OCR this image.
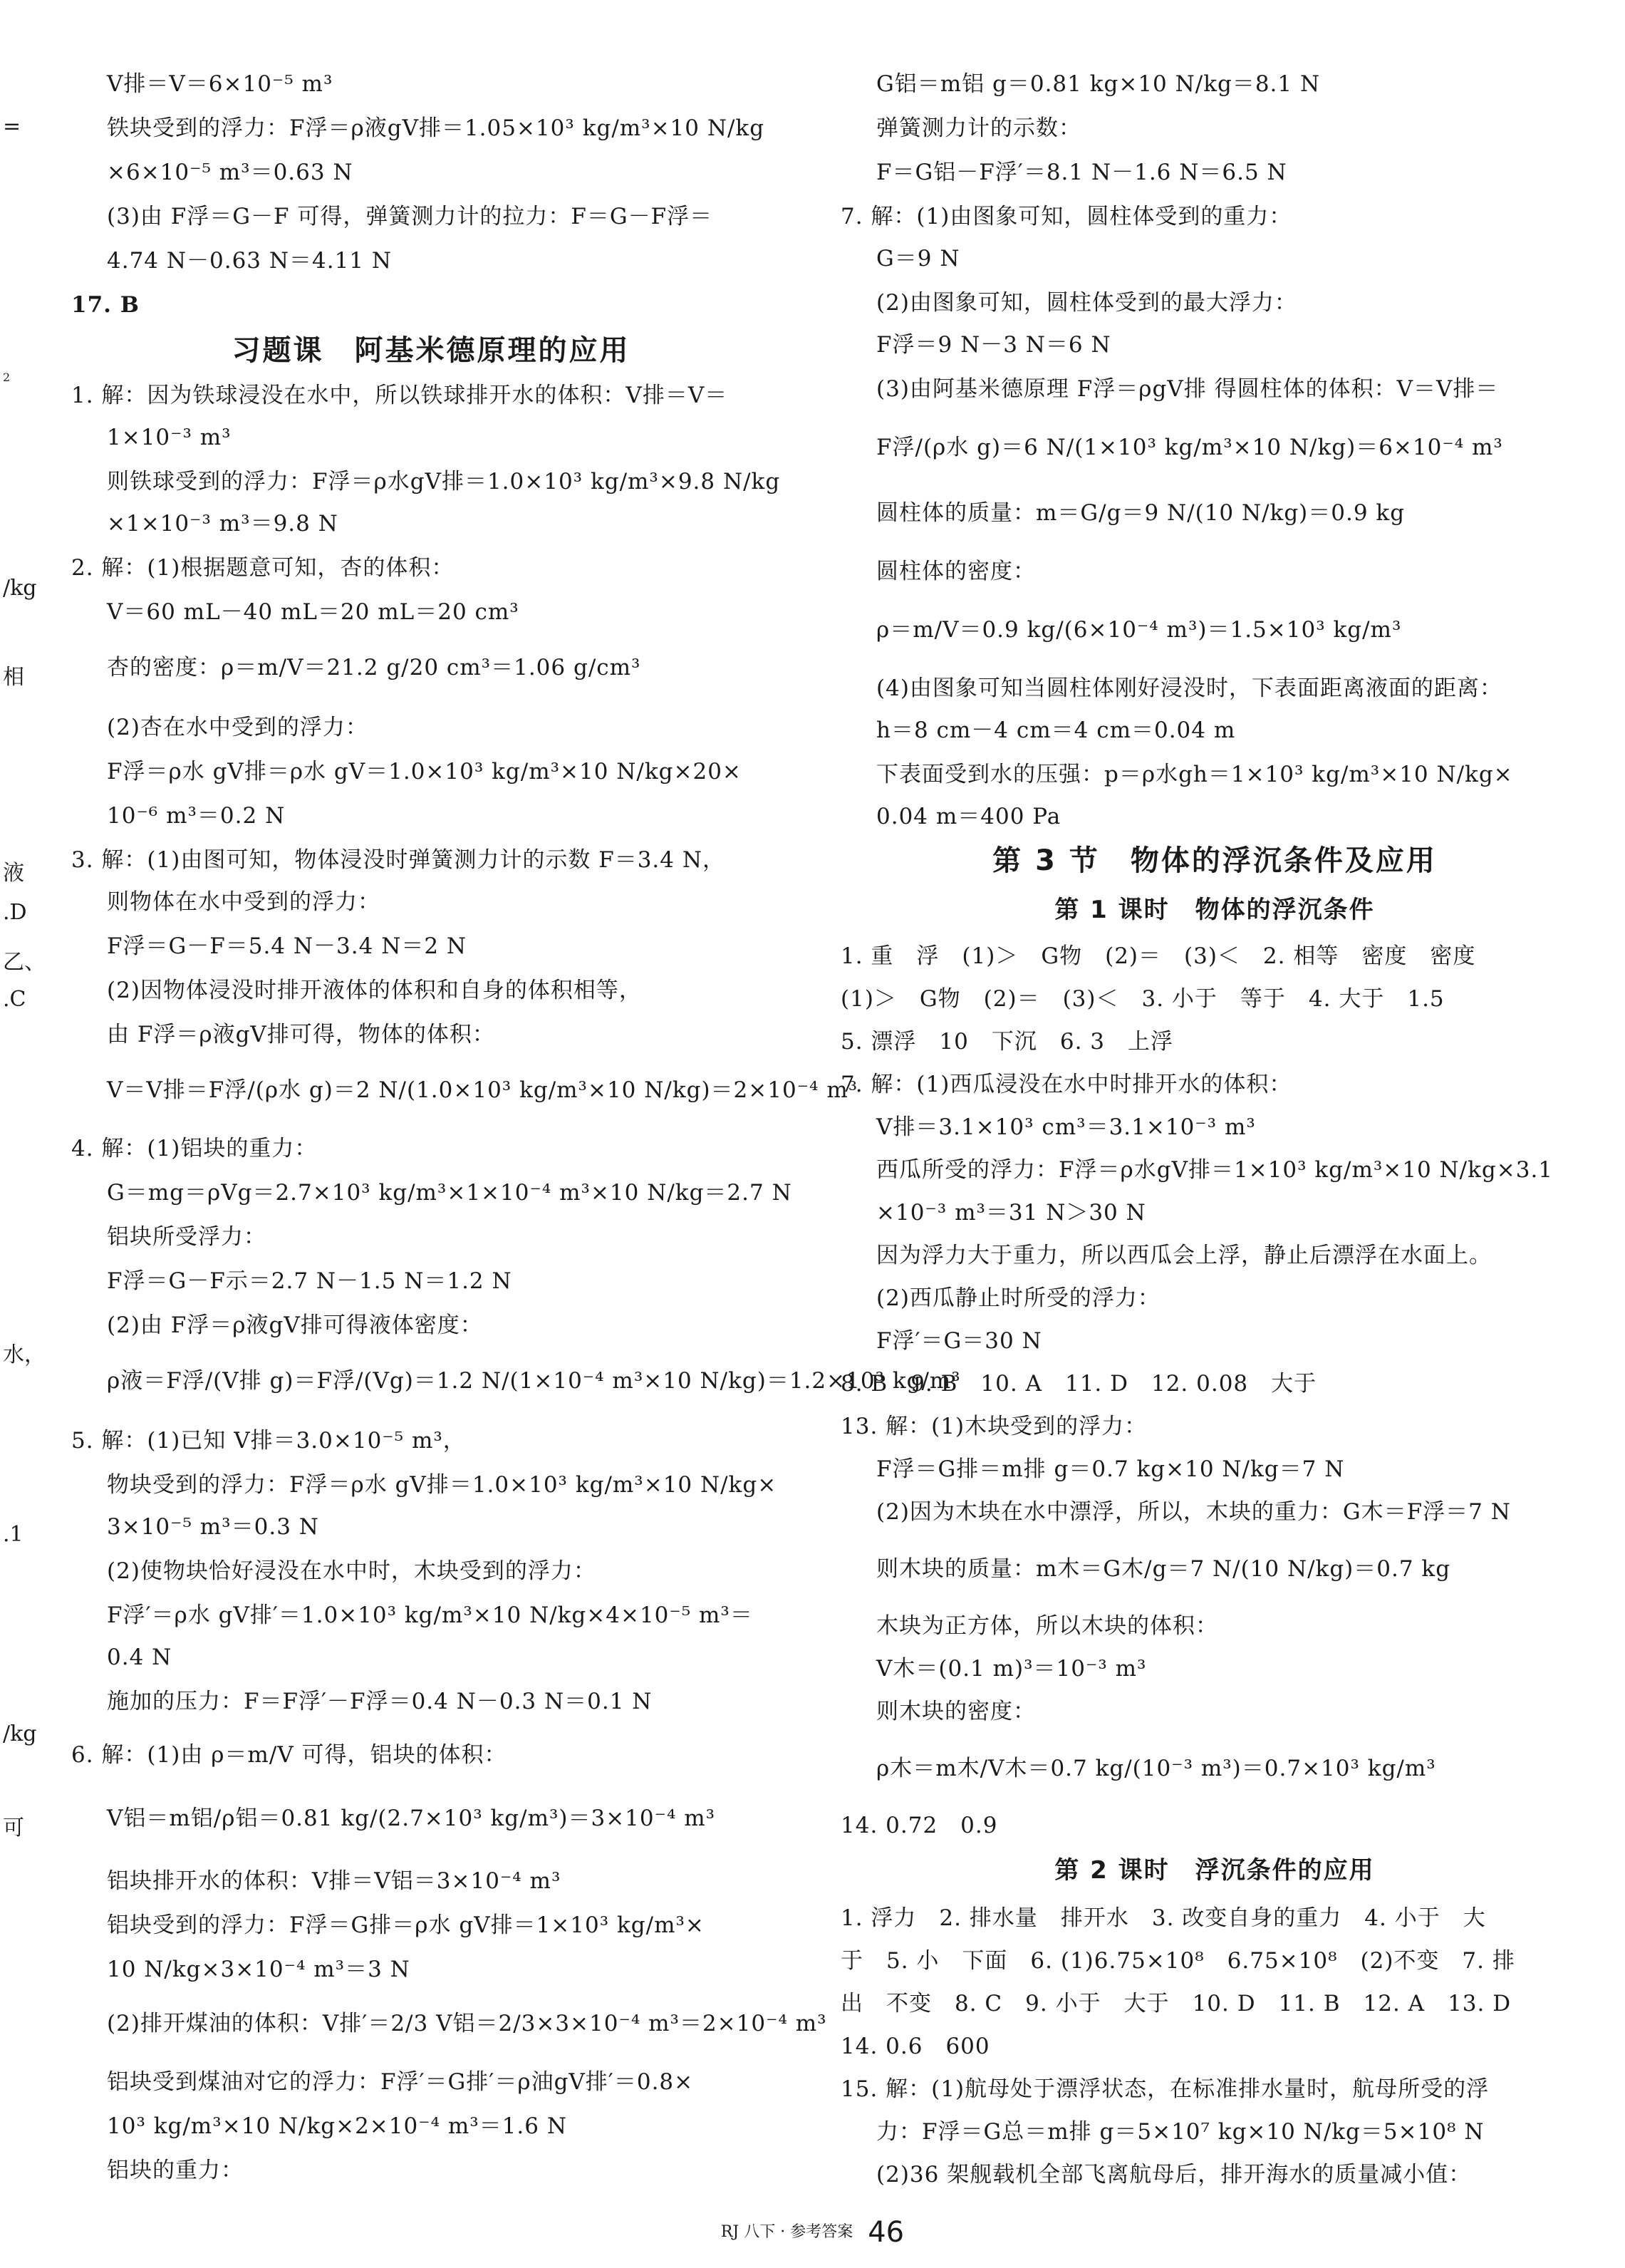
=
2
/kg
相
液
.D
乙、
.C
水，
.1
/kg
可
V排＝V＝6×10⁻⁵ m³
铁块受到的浮力：F浮＝ρ液gV排＝1.05×10³ kg/m³×10 N/kg
×6×10⁻⁵ m³＝0.63 N
(3)由 F浮＝G－F 可得，弹簧测力计的拉力：F＝G－F浮＝
4.74 N－0.63 N＝4.11 N
17. B
习题课　阿基米德原理的应用
1. 解：因为铁球浸没在水中，所以铁球排开水的体积：V排＝V＝
1×10⁻³ m³
则铁球受到的浮力：F浮＝ρ水gV排＝1.0×10³ kg/m³×9.8 N/kg
×1×10⁻³ m³＝9.8 N
2. 解：(1)根据题意可知，杏的体积：
V＝60 mL－40 mL＝20 mL＝20 cm³
杏的密度：ρ＝m/V＝21.2 g/20 cm³＝1.06 g/cm³
(2)杏在水中受到的浮力：
F浮＝ρ水 gV排＝ρ水 gV＝1.0×10³ kg/m³×10 N/kg×20×
10⁻⁶ m³＝0.2 N
3. 解：(1)由图可知，物体浸没时弹簧测力计的示数 F＝3.4 N，
则物体在水中受到的浮力：
F浮＝G－F＝5.4 N－3.4 N＝2 N
(2)因物体浸没时排开液体的体积和自身的体积相等，
由 F浮＝ρ液gV排可得，物体的体积：
V＝V排＝F浮/(ρ水 g)＝2 N/(1.0×10³ kg/m³×10 N/kg)＝2×10⁻⁴ m³
4. 解：(1)铝块的重力：
G＝mg＝ρVg＝2.7×10³ kg/m³×1×10⁻⁴ m³×10 N/kg＝2.7 N
铝块所受浮力：
F浮＝G－F示＝2.7 N－1.5 N＝1.2 N
(2)由 F浮＝ρ液gV排可得液体密度：
ρ液＝F浮/(V排 g)＝F浮/(Vg)＝1.2 N/(1×10⁻⁴ m³×10 N/kg)＝1.2×10³ kg/m³
5. 解：(1)已知 V排＝3.0×10⁻⁵ m³，
物块受到的浮力：F浮＝ρ水 gV排＝1.0×10³ kg/m³×10 N/kg×
3×10⁻⁵ m³＝0.3 N
(2)使物块恰好浸没在水中时，木块受到的浮力：
F浮′＝ρ水 gV排′＝1.0×10³ kg/m³×10 N/kg×4×10⁻⁵ m³＝
0.4 N
施加的压力：F＝F浮′－F浮＝0.4 N－0.3 N＝0.1 N
6. 解：(1)由 ρ＝m/V 可得，铝块的体积：
V铝＝m铝/ρ铝＝0.81 kg/(2.7×10³ kg/m³)＝3×10⁻⁴ m³
铝块排开水的体积：V排＝V铝＝3×10⁻⁴ m³
铝块受到的浮力：F浮＝G排＝ρ水 gV排＝1×10³ kg/m³×
10 N/kg×3×10⁻⁴ m³＝3 N
(2)排开煤油的体积：V排′＝2/3 V铝＝2/3×3×10⁻⁴ m³＝2×10⁻⁴ m³
铝块受到煤油对它的浮力：F浮′＝G排′＝ρ油gV排′＝0.8×
10³ kg/m³×10 N/kg×2×10⁻⁴ m³＝1.6 N
铝块的重力：
G铝＝m铝 g＝0.81 kg×10 N/kg＝8.1 N
弹簧测力计的示数：
F＝G铝－F浮′＝8.1 N－1.6 N＝6.5 N
7. 解：(1)由图象可知，圆柱体受到的重力：
G＝9 N
(2)由图象可知，圆柱体受到的最大浮力：
F浮＝9 N－3 N＝6 N
(3)由阿基米德原理 F浮＝ρgV排 得圆柱体的体积：V＝V排＝
F浮/(ρ水 g)＝6 N/(1×10³ kg/m³×10 N/kg)＝6×10⁻⁴ m³
圆柱体的质量：m＝G/g＝9 N/(10 N/kg)＝0.9 kg
圆柱体的密度：
ρ＝m/V＝0.9 kg/(6×10⁻⁴ m³)＝1.5×10³ kg/m³
(4)由图象可知当圆柱体刚好浸没时，下表面距离液面的距离：
h＝8 cm－4 cm＝4 cm＝0.04 m
下表面受到水的压强：p＝ρ水gh＝1×10³ kg/m³×10 N/kg×
0.04 m＝400 Pa
第 3 节　物体的浮沉条件及应用
第 1 课时　物体的浮沉条件
1. 重　浮　(1)＞　G物　(2)＝　(3)＜　2. 相等　密度　密度
(1)＞　G物　(2)＝　(3)＜　3. 小于　等于　4. 大于　1.5
5. 漂浮　10　下沉　6. 3　上浮
7. 解：(1)西瓜浸没在水中时排开水的体积：
V排＝3.1×10³ cm³＝3.1×10⁻³ m³
西瓜所受的浮力：F浮＝ρ水gV排＝1×10³ kg/m³×10 N/kg×3.1
×10⁻³ m³＝31 N＞30 N
因为浮力大于重力，所以西瓜会上浮，静止后漂浮在水面上。
(2)西瓜静止时所受的浮力：
F浮′＝G＝30 N
8. B　9. B　10. A　11. D　12. 0.08　大于
13. 解：(1)木块受到的浮力：
F浮＝G排＝m排 g＝0.7 kg×10 N/kg＝7 N
(2)因为木块在水中漂浮，所以，木块的重力：G木＝F浮＝7 N
则木块的质量：m木＝G木/g＝7 N/(10 N/kg)＝0.7 kg
木块为正方体，所以木块的体积：
V木＝(0.1 m)³＝10⁻³ m³
则木块的密度：
ρ木＝m木/V木＝0.7 kg/(10⁻³ m³)＝0.7×10³ kg/m³
14. 0.72　0.9
第 2 课时　浮沉条件的应用
1. 浮力　2. 排水量　排开水　3. 改变自身的重力　4. 小于　大
于　5. 小　下面　6. (1)6.75×10⁸　6.75×10⁸　(2)不变　7. 排
出　不变　8. C　9. 小于　大于　10. D　11. B　12. A　13. D
14. 0.6　600
15. 解：(1)航母处于漂浮状态，在标准排水量时，航母所受的浮
力：F浮＝G总＝m排 g＝5×10⁷ kg×10 N/kg＝5×10⁸ N
(2)36 架舰载机全部飞离航母后，排开海水的质量减小值：
RJ 八下 · 参考答案 46
